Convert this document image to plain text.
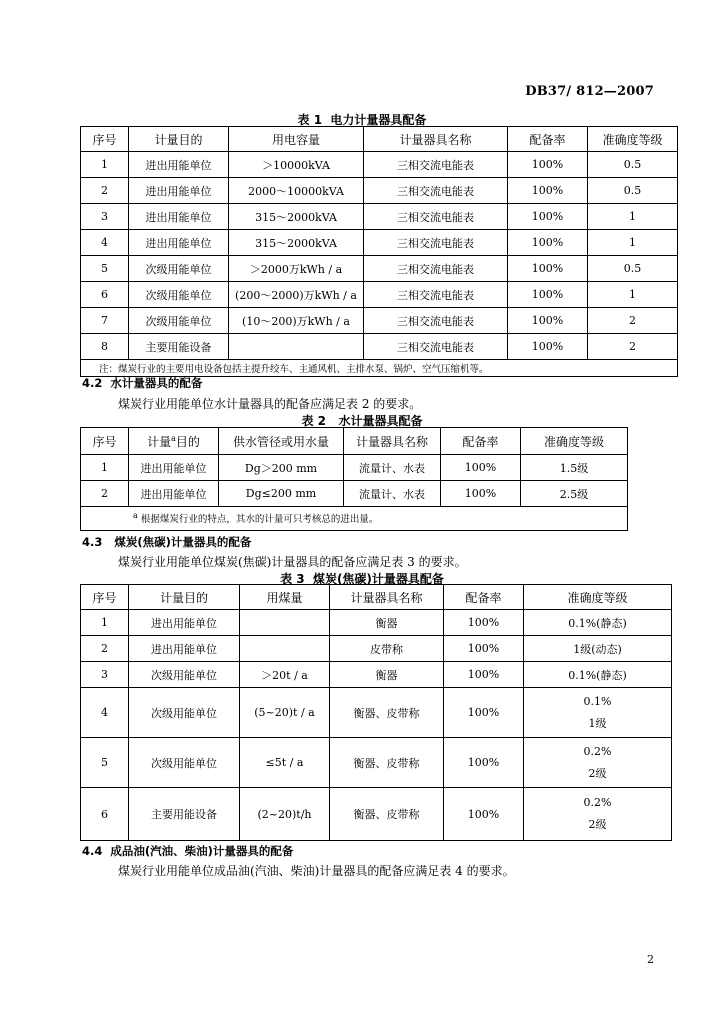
DB37/ 812—2007
表 1  电力计量器具配备
序号	计量目的	用电容量	计量器具名称	配备率	准确度等级
1	进出用能单位	＞10000kVA	三相交流电能表	100%	0.5
2	进出用能单位	2000～10000kVA	三相交流电能表	100%	0.5
3	进出用能单位	315～2000kVA	三相交流电能表	100%	1
4	进出用能单位	315～2000kVA	三相交流电能表	100%	1
5	次级用能单位	＞2000万kWh / a	三相交流电能表	100%	0.5
6	次级用能单位	(200～2000)万kWh / a	三相交流电能表	100%	1
7	次级用能单位	(10～200)万kWh / a	三相交流电能表	100%	2
8	主要用能设备		三相交流电能表	100%	2
注：煤炭行业的主要用电设备包括主提升绞车、主通风机、主排水泵、锅炉、空气压缩机等。					
4.2  水计量器具的配备
煤炭行业用能单位水计量器具的配备应满足表 2 的要求。
表 2   水计量器具配备
序号	计量$^a$目的	供水管径或用水量	计量器具名称	配备率	准确度等级
1	进出用能单位	Dg＞200 mm	流量计、水表	100%	1.5级
2	进出用能单位	Dg≤200 mm	流量计、水表	100%	2.5级
$^a$ 根据煤炭行业的特点，其水的计量可只考核总的进出量。					
4.3   煤炭(焦碳)计量器具的配备
煤炭行业用能单位煤炭(焦碳)计量器具的配备应满足表 3 的要求。
表 3  煤炭(焦碳)计量器具配备
序号	计量目的	用煤量	计量器具名称	配备率	准确度等级
1	进出用能单位		衡器	100%	0.1%(静态)
2	进出用能单位		皮带称	100%	1级(动态)
3	次级用能单位	＞20t / a	衡器	100%	0.1%(静态)
4	次级用能单位	(5~20)t / a	衡器、皮带称	100%	0.1%
1级

5	次级用能单位	≤5t / a	衡器、皮带称	100%	0.2%
2级

6	主要用能设备	(2~20)t/h	衡器、皮带称	100%	0.2%
2级
4.4  成品油(汽油、柴油)计量器具的配备
煤炭行业用能单位成品油(汽油、柴油)计量器具的配备应满足表 4 的要求。
2
